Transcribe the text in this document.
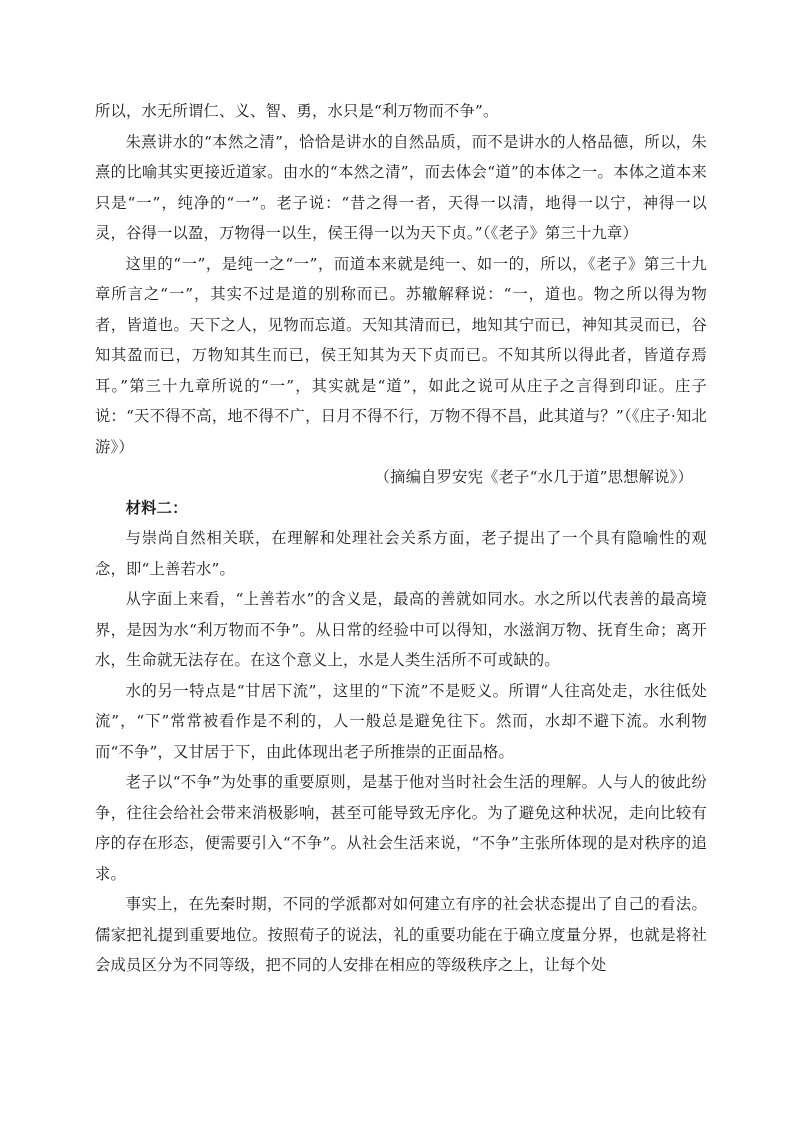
所以，水无所谓仁、义、智、勇，水只是“利万物而不争”。

朱熹讲水的“本然之清”，恰恰是讲水的自然品质，而不是讲水的人格品德，所以，朱熹的比喻其实更接近道家。由水的“本然之清”，而去体会“道”的本体之一。本体之道本来只是“一”，纯净的“一”。老子说：“昔之得一者，天得一以清，地得一以宁，神得一以灵，谷得一以盈，万物得一以生，侯王得一以为天下贞。”（《老子》第三十九章）

这里的“一”，是纯一之“一”，而道本来就是纯一、如一的，所以，《老子》第三十九章所言之“一”，其实不过是道的别称而已。苏辙解释说：“一，道也。物之所以得为物者，皆道也。天下之人，见物而忘道。天知其清而已，地知其宁而已，神知其灵而已，谷知其盈而已，万物知其生而已，侯王知其为天下贞而已。不知其所以得此者，皆道存焉耳。”第三十九章所说的“一”，其实就是“道”，如此之说可从庄子之言得到印证。庄子说：“天不得不高，地不得不广，日月不得不行，万物不得不昌，此其道与？”（《庄子·知北游》）

（摘编自罗安宪《老子“水几于道”思想解说》）

材料二：

与崇尚自然相关联，在理解和处理社会关系方面，老子提出了一个具有隐喻性的观念，即“上善若水”。

从字面上来看，“上善若水”的含义是，最高的善就如同水。水之所以代表善的最高境界，是因为水“利万物而不争”。从日常的经验中可以得知，水滋润万物、抚育生命；离开水，生命就无法存在。在这个意义上，水是人类生活所不可或缺的。

水的另一特点是“甘居下流”，这里的“下流”不是贬义。所谓“人往高处走，水往低处流”，“下”常常被看作是不利的，人一般总是避免往下。然而，水却不避下流。水利物而“不争”，又甘居于下，由此体现出老子所推崇的正面品格。

老子以“不争”为处事的重要原则，是基于他对当时社会生活的理解。人与人的彼此纷争，往往会给社会带来消极影响，甚至可能导致无序化。为了避免这种状况，走向比较有序的存在形态，便需要引入“不争”。从社会生活来说，“不争”主张所体现的是对秩序的追求。

事实上，在先秦时期，不同的学派都对如何建立有序的社会状态提出了自己的看法。儒家把礼提到重要地位。按照荀子的说法，礼的重要功能在于确立度量分界，也就是将社会成员区分为不同等级，把不同的人安排在相应的等级秩序之上，让每个处
